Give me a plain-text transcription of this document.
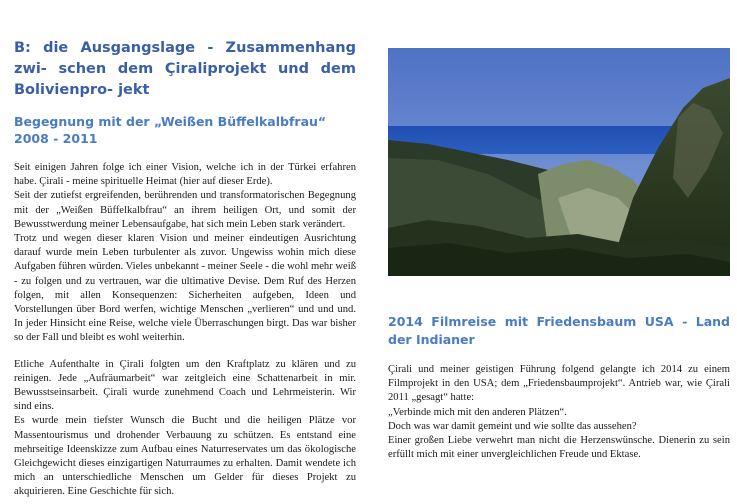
B: die Ausgangslage - Zusammenhang zwi- schen dem Çiraliprojekt und dem Bolivienpro- jekt
Begegnung mit der „Weißen Büffelkalbfrau“ 2008 - 2011

Seit einigen Jahren folge ich einer Vision, welche ich in der Türkei erfahren habe. Çirali - meine spirituelle Heimat (hier auf dieser Erde).

Seit der zutiefst ergreifenden, berührenden und transformatorischen Begegnung mit der „Weißen Büffelkalbfrau“ an ihrem heiligen Ort, und somit der Bewusstwerdung meiner Lebensaufgabe, hat sich mein Leben stark verändert.

Trotz und wegen dieser klaren Vision und meiner eindeutigen Ausrichtung darauf wurde mein Leben turbulenter als zuvor. Ungewiss wohin mich diese Aufgaben führen würden. Vieles unbekannt - meiner Seele - die wohl mehr weiß - zu folgen und zu vertrauen, war die ultimative Devise. Dem Ruf des Herzen folgen, mit allen Konsequenzen: Sicherheiten aufgeben, Ideen und Vorstellungen über Bord werfen, wichtige Menschen „verlieren“ und und und. In jeder Hinsicht eine Reise, welche viele Überraschungen birgt. Das war bisher so der Fall und bleibt es wohl weiterhin.

Etliche Aufenthalte in Çirali folgten um den Kraftplatz zu klären und zu reinigen. Jede „Aufräumarbeit“ war zeitgleich eine Schattenarbeit in mir. Bewusstseinsarbeit. Çirali wurde zunehmend Coach und Lehrmeisterin. Wir sind eins.

Es wurde mein tiefster Wunsch die Bucht und die heiligen Plätze vor Massentourismus und drohender Verbauung zu schützen. Es entstand eine mehrseitige Ideenskizze zum Aufbau eines Naturreservates um das ökologische Gleichgewicht dieses einzigartigen Naturraumes zu erhalten. Damit wendete ich mich an unterschiedliche Menschen um Gelder für dieses Projekt zu akquirieren. Eine Geschichte für sich.

2014 Filmreise mit Friedensbaum USA - Land der Indianer

Çirali und meiner geistigen Führung folgend gelangte ich 2014 zu einem Filmprojekt in den USA; dem „Friedensbaumprojekt“. Antrieb war, wie Çirali 2011 „gesagt“ hatte:

„Verbinde mich mit den anderen Plätzen“.

Doch was war damit gemeint und wie sollte das aussehen?

Einer großen Liebe verwehrt man nicht die Herzenswünsche. Dienerin zu sein erfüllt mich mit einer unvergleichlichen Freude und Ektase.
